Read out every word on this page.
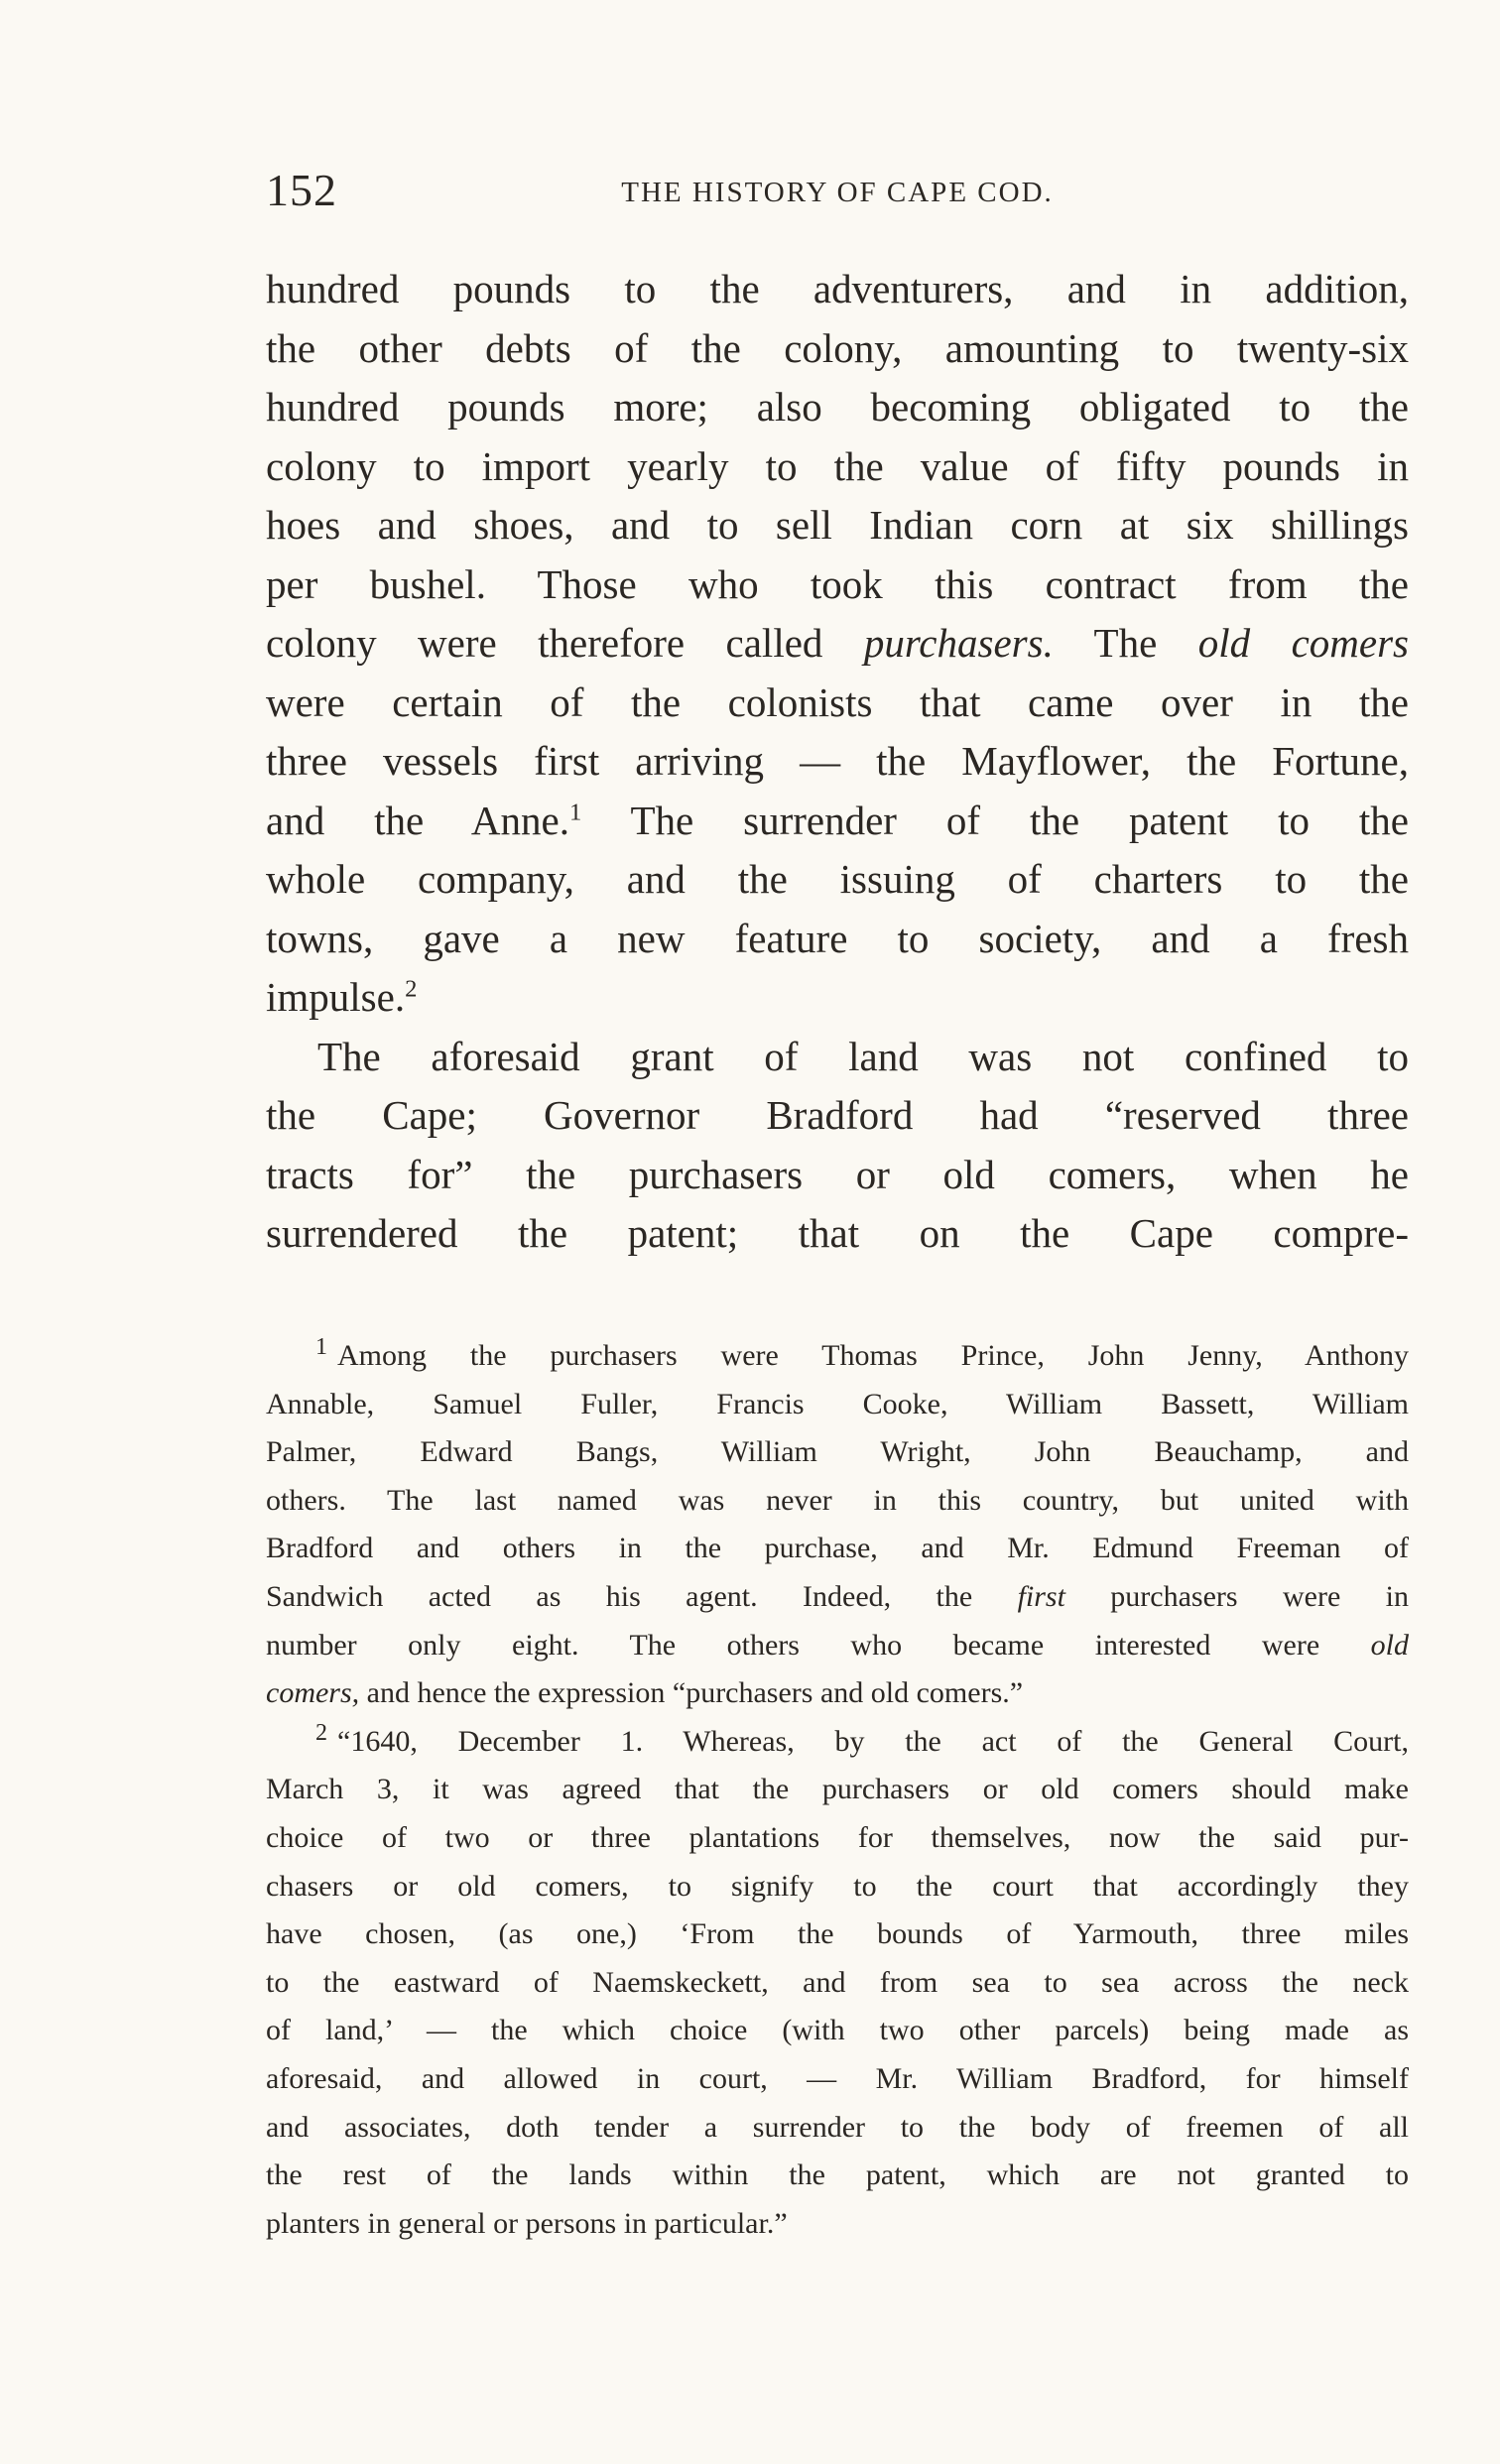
152	THE HISTORY OF CAPE COD.
hundred pounds to the adventurers, and in addition,
the other debts of the colony, amounting to twenty-six
hundred pounds more; also becoming obligated to the
colony to import yearly to the value of fifty pounds in
hoes and shoes, and to sell Indian corn at six shillings
per bushel. Those who took this contract from the
colony were therefore called purchasers. The old comers
were certain of the colonists that came over in the
three vessels first arriving — the Mayflower, the Fortune,
and the Anne.$^1$ The surrender of the patent to the
whole company, and the issuing of charters to the
towns, gave a new feature to society, and a fresh
impulse.$^2$
The aforesaid grant of land was not confined to
the Cape; Governor Bradford had “reserved three
tracts for” the purchasers or old comers, when he
surrendered the patent; that on the Cape compre-
$^1$ Among the purchasers were Thomas Prince, John Jenny, Anthony
Annable, Samuel Fuller, Francis Cooke, William Bassett, William
Palmer, Edward Bangs, William Wright, John Beauchamp, and
others. The last named was never in this country, but united with
Bradford and others in the purchase, and Mr. Edmund Freeman of
Sandwich acted as his agent. Indeed, the first purchasers were in
number only eight. The others who became interested were old
comers, and hence the expression “purchasers and old comers.”
$^2$ “1640, December 1. Whereas, by the act of the General Court,
March 3, it was agreed that the purchasers or old comers should make
choice of two or three plantations for themselves, now the said pur-
chasers or old comers, to signify to the court that accordingly they
have chosen, (as one,) ‘From the bounds of Yarmouth, three miles
to the eastward of Naemskeckett, and from sea to sea across the neck
of land,’ — the which choice (with two other parcels) being made as
aforesaid, and allowed in court, — Mr. William Bradford, for himself
and associates, doth tender a surrender to the body of freemen of all
the rest of the lands within the patent, which are not granted to
planters in general or persons in particular.”
